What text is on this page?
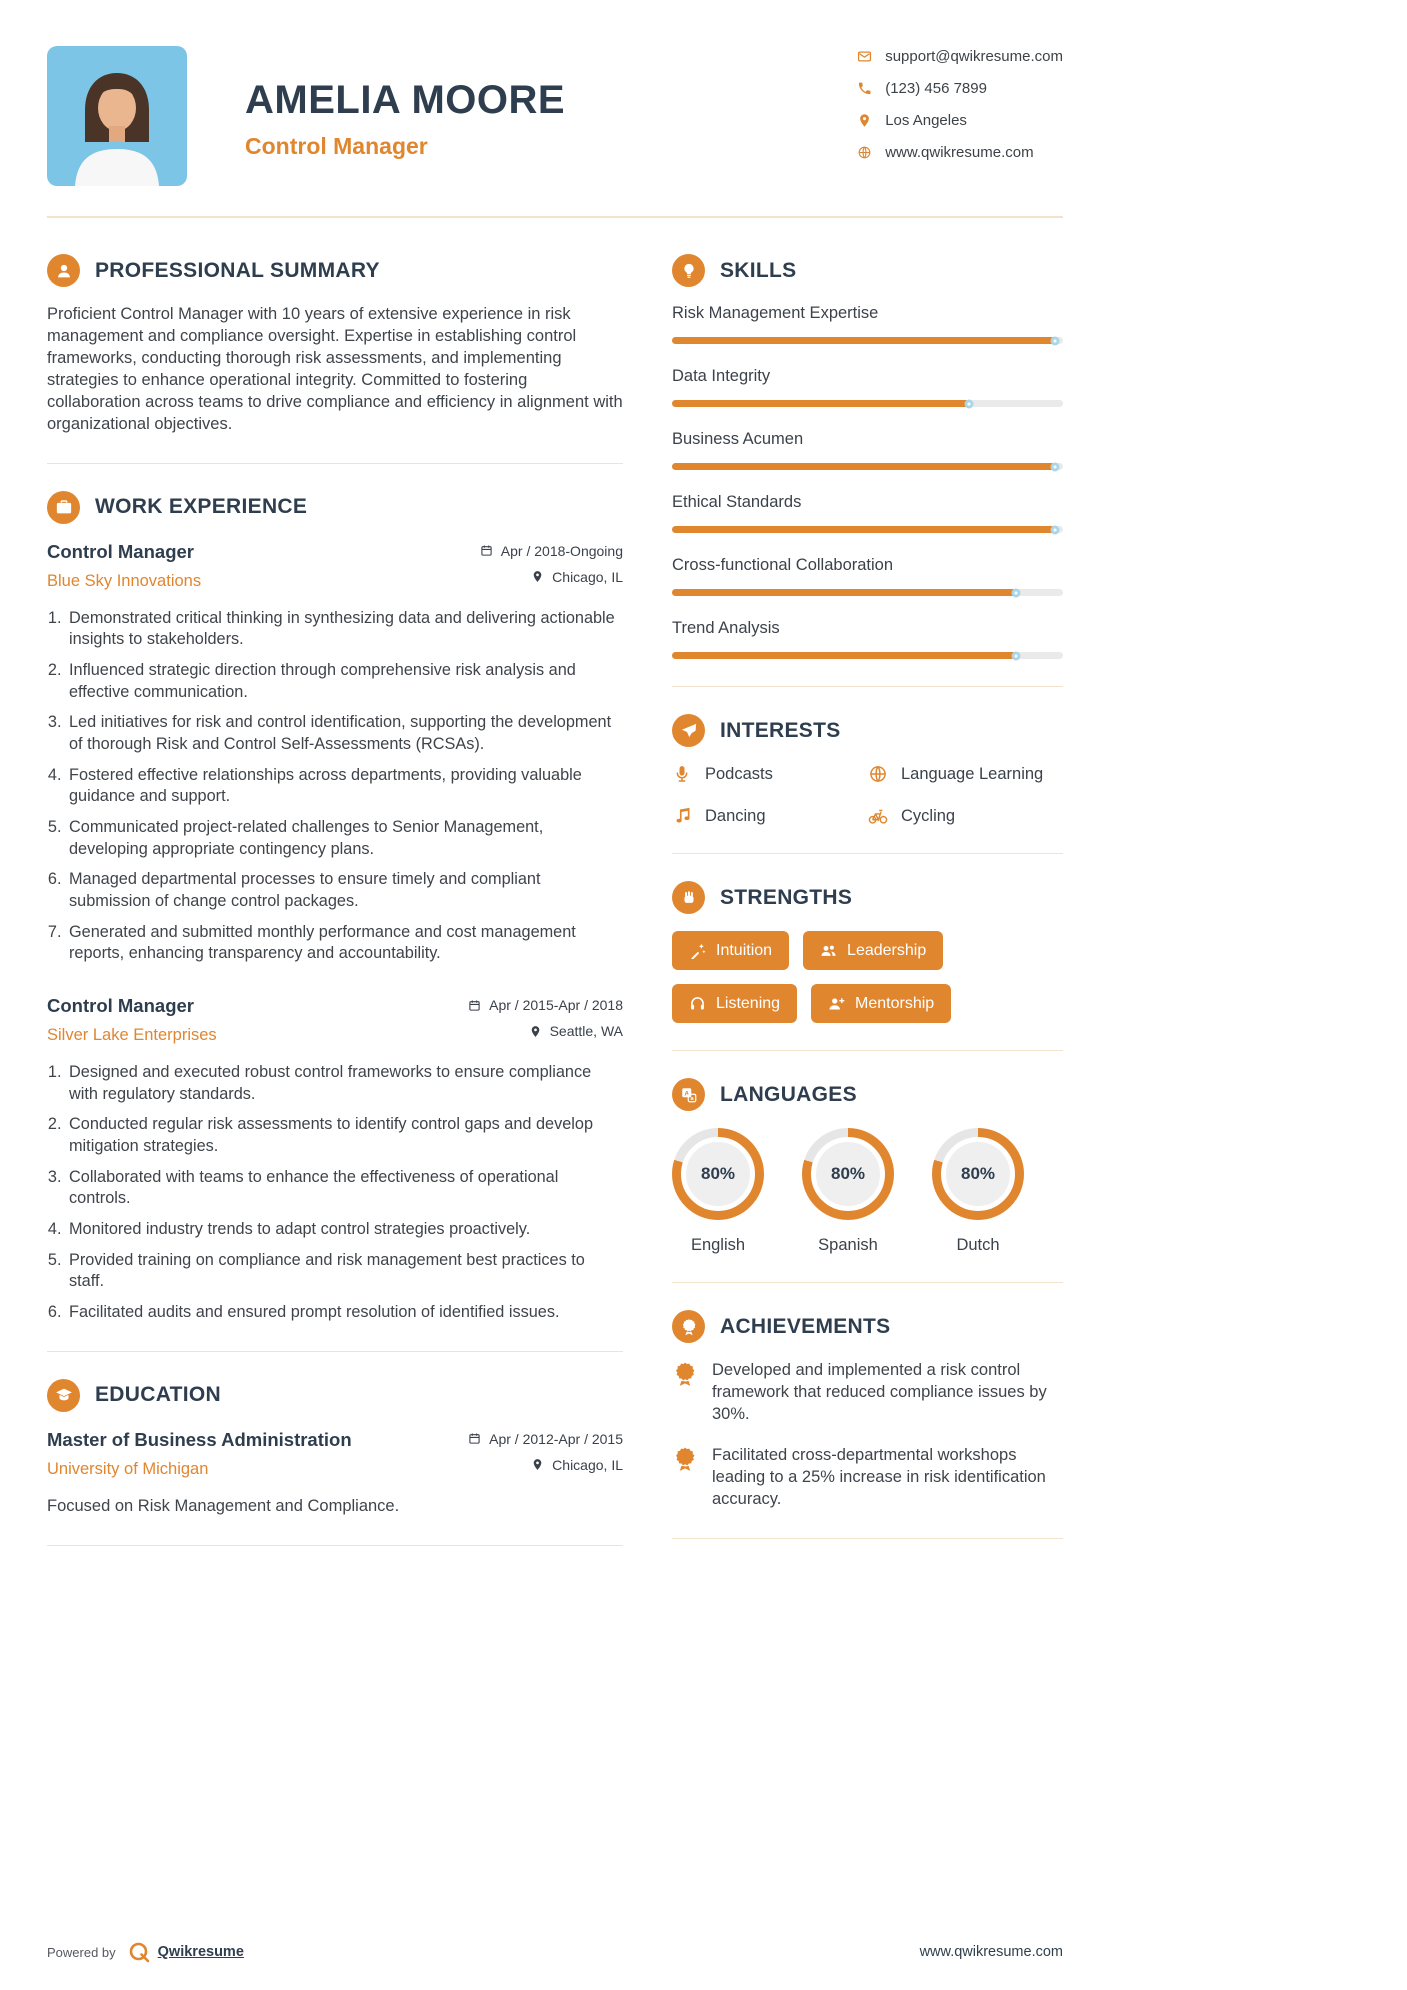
AMELIA MOORE
Control Manager
support@qwikresume.com
(123) 456 7899
Los Angeles
www.qwikresume.com
PROFESSIONAL SUMMARY

Proficient Control Manager with 10 years of extensive experience in risk management and compliance oversight. Expertise in establishing control frameworks, conducting thorough risk assessments, and implementing strategies to enhance operational integrity. Committed to fostering collaboration across teams to drive compliance and efficiency in alignment with organizational objectives.

WORK EXPERIENCE
Control Manager
Blue Sky Innovations
Apr / 2018-Ongoing
Chicago, IL
1. Demonstrated critical thinking in synthesizing data and delivering actionable insights to stakeholders.
2. Influenced strategic direction through comprehensive risk analysis and effective communication.
3. Led initiatives for risk and control identification, supporting the development of thorough Risk and Control Self-Assessments (RCSAs).
4. Fostered effective relationships across departments, providing valuable guidance and support.
5. Communicated project-related challenges to Senior Management, developing appropriate contingency plans.
6. Managed departmental processes to ensure timely and compliant submission of change control packages.
7. Generated and submitted monthly performance and cost management reports, enhancing transparency and accountability.
Control Manager
Silver Lake Enterprises
Apr / 2015-Apr / 2018
Seattle, WA
1. Designed and executed robust control frameworks to ensure compliance with regulatory standards.
2. Conducted regular risk assessments to identify control gaps and develop mitigation strategies.
3. Collaborated with teams to enhance the effectiveness of operational controls.
4. Monitored industry trends to adapt control strategies proactively.
5. Provided training on compliance and risk management best practices to staff.
6. Facilitated audits and ensured prompt resolution of identified issues.
EDUCATION
Master of Business Administration
University of Michigan
Apr / 2012-Apr / 2015
Chicago, IL

Focused on Risk Management and Compliance.

SKILLS
Risk Management Expertise
Data Integrity
Business Acumen
Ethical Standards
Cross-functional Collaboration
Trend Analysis
INTERESTS
Podcasts	Language Learning
Dancing	Cycling
STRENGTHS
Intuition	Leadership
Listening	Mentorship
LANGUAGES
80%
English
80%
Spanish
80%
Dutch
ACHIEVEMENTS
Developed and implemented a risk control framework that reduced compliance issues by 30%.
Facilitated cross-departmental workshops leading to a 25% increase in risk identification accuracy.
Powered by	Qwikresume	www.qwikresume.com
